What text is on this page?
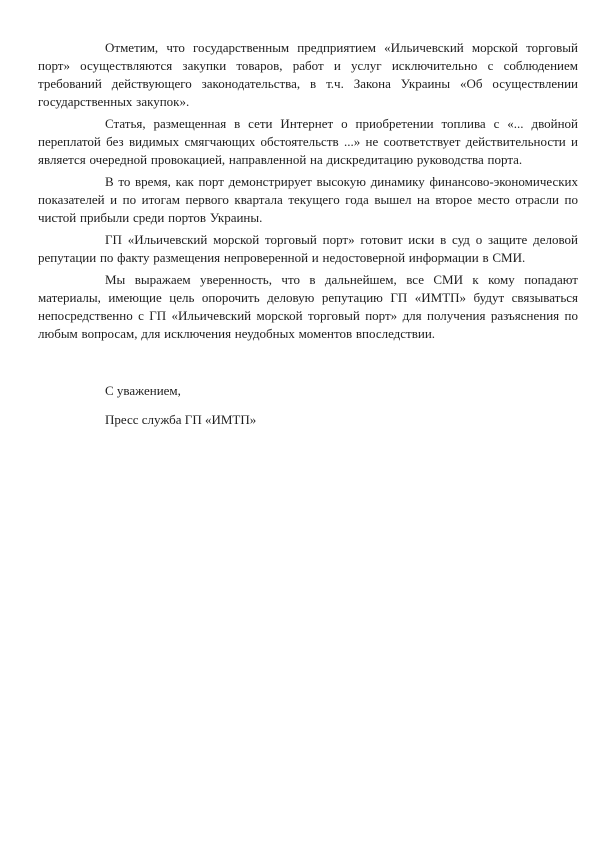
Отметим, что государственным предприятием «Ильичевский морской торговый порт» осуществляются закупки товаров, работ и услуг исключительно с соблюдением требований действующего законодательства, в т.ч. Закона Украины «Об осуществлении государственных закупок».

Статья, размещенная в сети Интернет о приобретении топлива с «... двойной переплатой без видимых смягчающих обстоятельств ...» не соответствует действительности и является очередной провокацией, направленной на дискредитацию руководства порта.

В то время, как порт демонстрирует высокую динамику финансово-экономических показателей и по итогам первого квартала текущего года вышел на второе место отрасли по чистой прибыли среди портов Украины.

ГП «Ильичевский морской торговый порт» готовит иски в суд о защите деловой репутации по факту размещения непроверенной и недостоверной информации в СМИ.

Мы выражаем уверенность, что в дальнейшем, все СМИ к кому попадают материалы, имеющие цель опорочить деловую репутацию ГП «ИМТП» будут связываться непосредственно с ГП «Ильичевский морской торговый порт» для получения разъяснения по любым вопросам, для исключения неудобных моментов впоследствии.

С уважением,

Пресс служба ГП «ИМТП»
